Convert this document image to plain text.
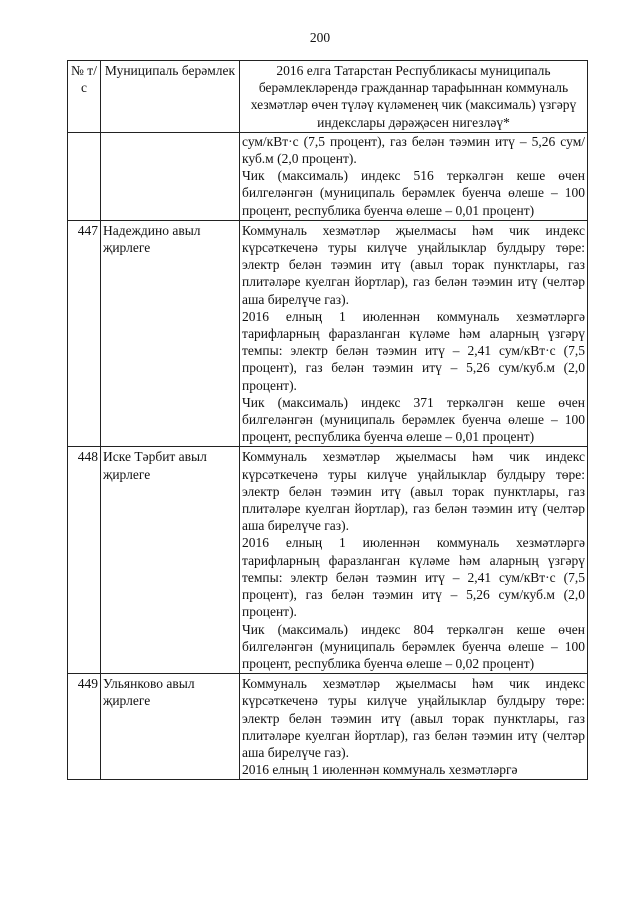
200
№ т/с	Муниципаль берәмлек	2016 елга Татарстан Республикасы муниципаль берәмлекләрендә гражданнар тарафыннан коммуналь хезмәтләр өчен түләү күләменең чик (максималь) үзгәрү индекслары дәрәҗәсен нигезләү*

		сум/кВт·с (7,5 процент), газ белән тәэмин итү – 5,26 сум/куб.м (2,0 процент).

Чик (максималь) индекс 516 теркәлгән кеше өчен билгеләнгән (муниципаль берәмлек буенча өлеше – 100 процент, республика буенча өлеше – 0,01 процент)

447	Надеждино авыл җирлеге	Коммуналь хезмәтләр җыелмасы һәм чик индекс күрсәткеченә туры килүче уңайлыклар булдыру төре: электр белән тәэмин итү (авыл торак пунктлары, газ плитәләре куелган йортлар), газ белән тәэмин итү (челтәр аша бирелүче газ).

2016 елның 1 июленнән коммуналь хезмәтләргә тарифларның фаразланган күләме һәм аларның үзгәрү темпы: электр белән тәэмин итү – 2,41 сум/кВт·с (7,5 процент), газ белән тәэмин итү – 5,26 сум/куб.м (2,0 процент).

Чик (максималь) индекс 371 теркәлгән кеше өчен билгеләнгән (муниципаль берәмлек буенча өлеше – 100 процент, республика буенча өлеше – 0,01 процент)

448	Иске Тәрбит авыл җирлеге	Коммуналь хезмәтләр җыелмасы һәм чик индекс күрсәткеченә туры килүче уңайлыклар булдыру төре: электр белән тәэмин итү (авыл торак пунктлары, газ плитәләре куелган йортлар), газ белән тәэмин итү (челтәр аша бирелүче газ).

2016 елның 1 июленнән коммуналь хезмәтләргә тарифларның фаразланган күләме һәм аларның үзгәрү темпы: электр белән тәэмин итү – 2,41 сум/кВт·с (7,5 процент), газ белән тәэмин итү – 5,26 сум/куб.м (2,0 процент).

Чик (максималь) индекс 804 теркәлгән кеше өчен билгеләнгән (муниципаль берәмлек буенча өлеше – 100 процент, республика буенча өлеше – 0,02 процент)

449	Ульянково авыл җирлеге	Коммуналь хезмәтләр җыелмасы һәм чик индекс күрсәткеченә туры килүче уңайлыклар булдыру төре: электр белән тәэмин итү (авыл торак пунктлары, газ плитәләре куелган йортлар), газ белән тәэмин итү (челтәр аша бирелүче газ).

2016 елның 1 июленнән коммуналь хезмәтләргә
